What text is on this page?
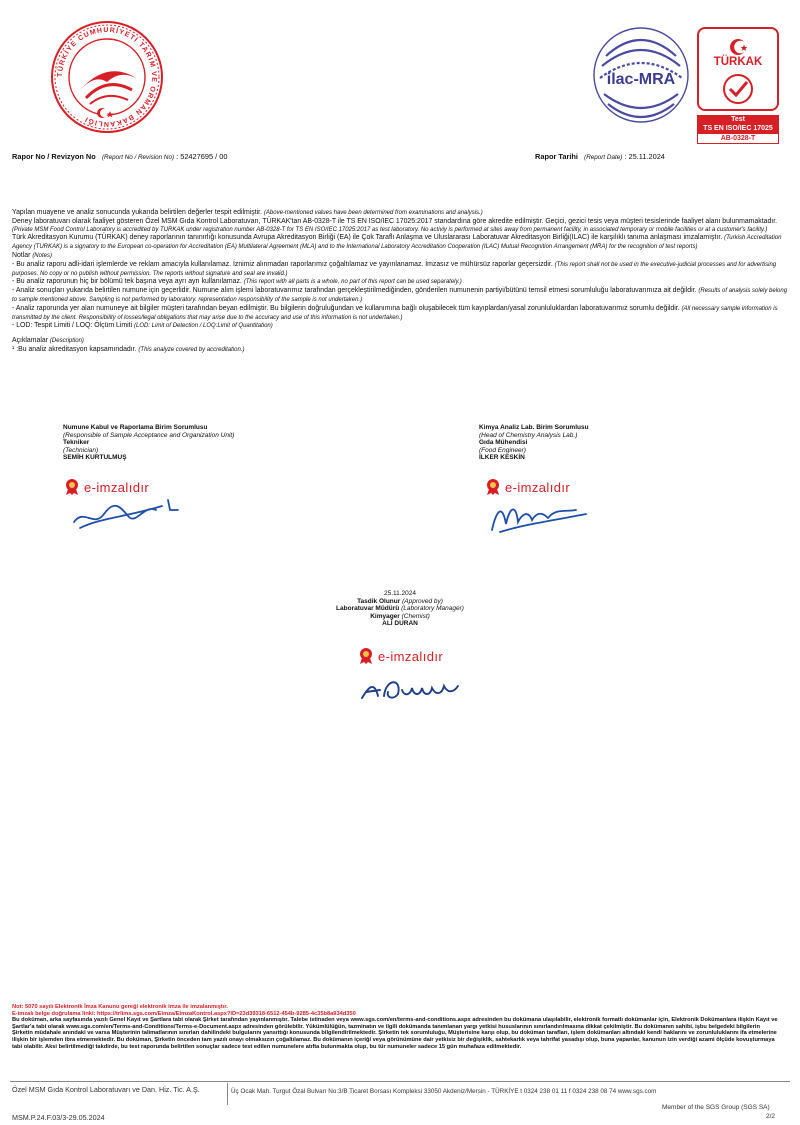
TÜRKİYE CUMHURİYETİ TARIM VE ORMAN BAKANLIĞI
ilac-MRA
TÜRKAK
Test
TS EN ISO/IEC 17025
AB-0328-T
Rapor No / Revizyon No (Report No / Revision No) : 52427695 / 00	Rapor Tarihi (Report Date) : 25.11.2024

Yapılan muayene ve analiz sonucunda yukarıda belirtilen değerler tespit edilmiştir. (Above-mentioned values have been determined from examinations and analysis.)

Deney laboratuvarı olarak faaliyet gösteren Özel MSM Gıda Kontrol Laboratuvarı, TÜRKAK'tan AB-0328-T ile TS EN ISO/IEC 17025:2017 standardına göre akredite edilmiştir. Geçici, gezici tesis veya müşteri tesislerinde faaliyet alanı bulunmamaktadır. (Private MSM Food Control Laboratory is accredited by TURKAK under registration number AB-0328-T for TS EN ISO/IEC 17025:2017 as test laboratory. No activiy is performed at sites away from permanent facility, in associated temporary or mobile facilities or at a customer's facility.)

Türk Akreditasyon Kurumu (TÜRKAK) deney raporlarının tanınırlığı konusunda Avrupa Akreditasyon Birliği (EA) ile Çok Taraflı Anlaşma ve Uluslararası Laboratuvar Akreditasyon Birliği(ILAC) ile karşılıklı tanıma anlaşması imzalamıştır. (Turkish Accreditation Agency (TURKAK) is a signatory to the European co-operation for Accreditation (EA) Multilateral Agreement (MLA) and to the International Laboratory Accreditation Cooperation (ILAC) Mutual Recognition Arrangement (MRA) for the recognition of test reports)

Notlar (Notes)

- Bu analiz raporu adli-idari işlemlerde ve reklam amacıyla kullanılamaz. İznimiz alınmadan raporlarımız çoğaltılamaz ve yayınlanamaz. İmzasız ve mühürsüz raporlar geçersizdir. (This report shall not be used in the executive-judicial processes and for advertising purposes. No copy or no publish without permission. The reports without signature and seal are invalid.)

- Bu analiz raporunun hiç bir bölümü tek başına veya ayrı ayrı kullanılamaz. (This report with all parts is a whole, no part of this report can be used separately.)

- Analiz sonuçları yukarıda belirtilen numune için geçerlidir. Numune alım işlemi laboratuvarımız tarafından gerçekleştirilmediğinden, gönderilen numunenin partiyi/bütünü temsil etmesi sorumluluğu laboratuvarımıza ait değildir. (Results of analysis solely belong to sample mentioned above. Sampling is not performed by laboratory. representation responsibility of the sample is not undertaken.)

- Analiz raporunda yer alan numuneye ait bilgiler müşteri tarafından beyan edilmiştir. Bu bilgilerin doğruluğundan ve kullanımına bağlı oluşabilecek tüm kayıplardan/yasal zorunluluklardan laboratuvarımız sorumlu değildir. (All necessary sample information is transmitted by the client. Responsibility of losses/legal obligations that may arise due to the accuracy and use of this information is not undertaken.)

- LOD: Tespit Limiti / LOQ: Ölçüm Limiti (LOD: Limit of Detection / LOQ:Limit of Quantitation)

Açıklamalar (Description)

¹ :Bu analiz akreditasyon kapsamındadır. (This analyze covered by accreditation.)

Numune Kabul ve Raporlama Birim Sorumlusu
(Responsible of Sample Acceptance and Organization Unit)
Tekniker
(Technician)
SEMİH KURTULMUŞ
e-imzalıdır
Kimya Analiz Lab. Birim Sorumlusu
(Head of Chemistry Analysis Lab.)
Gıda Mühendisi
(Food Engineer)
İLKER KESKİN
e-imzalıdır
25.11.2024
Tasdik Olunur (Approved by)
Laboratuvar Müdürü (Laboratory Manager)
Kimyager (Chemist)
ALİ DURAN
e-imzalıdır
Not: 5070 sayılı Elektronik İmza Kanunu gereği elektronik imza ile imzalanmıştır.
E-imzalı belge doğrulama linki: https://trlims.sgs.com/Eimza/EimzaKontrol.aspx?ID=23d39318-6512-454b-9285-4c35b8a934d350
Bu doküman, arka sayfasında yazılı Genel Kayıt ve Şartlara tabi olarak Şirket tarafından yayınlanmıştır. Talebe istinaden veya www.sgs.com/en/terms-and-conditions.aspx adresinden bu dokümana ulaşılabilir, elektronik formatlı dokümanlar için, Elektronik Dokümanlara ilişkin Kayıt ve Şartlar'a tabi olarak www.sgs.com/en/Terms-and-Conditions/Terms-e-Document.aspx adresinden görülebilir. Yükümlülüğün, tazminatın ve ilgili dokümanda tanımlanan yargı yetkisi hususlarının sınırlandırılmasına dikkat çekilmiştir. Bu dokümanın sahibi, işbu belgedeki bilgilerin Şirketin müdahale anındaki ve varsa Müşterinin talimatlarının sınırları dahilindeki bulgularını yansıttığı konusunda bilgilendirilmektedir. Şirketin tek sorumluluğu, Müşterisine karşı olup, bu doküman tarafları, işlem dokümanları altındaki kendi haklarını ve zorunluluklarını ifa etmelerine ilişkin bir işlemden ibra etmemektedir. Bu doküman, Şirketin önceden tam yazılı onayı olmaksızın çoğaltılamaz. Bu dokümanın içeriği veya görünümüne dair yetkisiz bir değişiklik, sahtekarlık veya tahrifat yasadışı olup, buna yapanlar, kanunun izin verdiği azami ölçüde kovuşturmaya tabi olabilir. Aksi belirtilmediği takdirde, bu test raporunda belirtilen sonuçlar sadece test edilen numunelere atıfta bulunmakta olup, bu tür numuneler sadece 15 gün muhafaza edilmektedir.
Özel MSM Gıda Kontrol Laboratuvarı ve Dan. Hiz. Tic. A.Ş.	Üç Ocak Mah. Turgut Özal Bulvarı No:3/B Ticaret Borsası Kompleksi 33050 Akdeniz/Mersin - TÜRKİYE t 0324 238 01 11 f 0324 238 08 74 www.sgs.com
MSM.P.24.F.03/3-29.05.2024
Member of the SGS Group (SGS SA)
2/2
